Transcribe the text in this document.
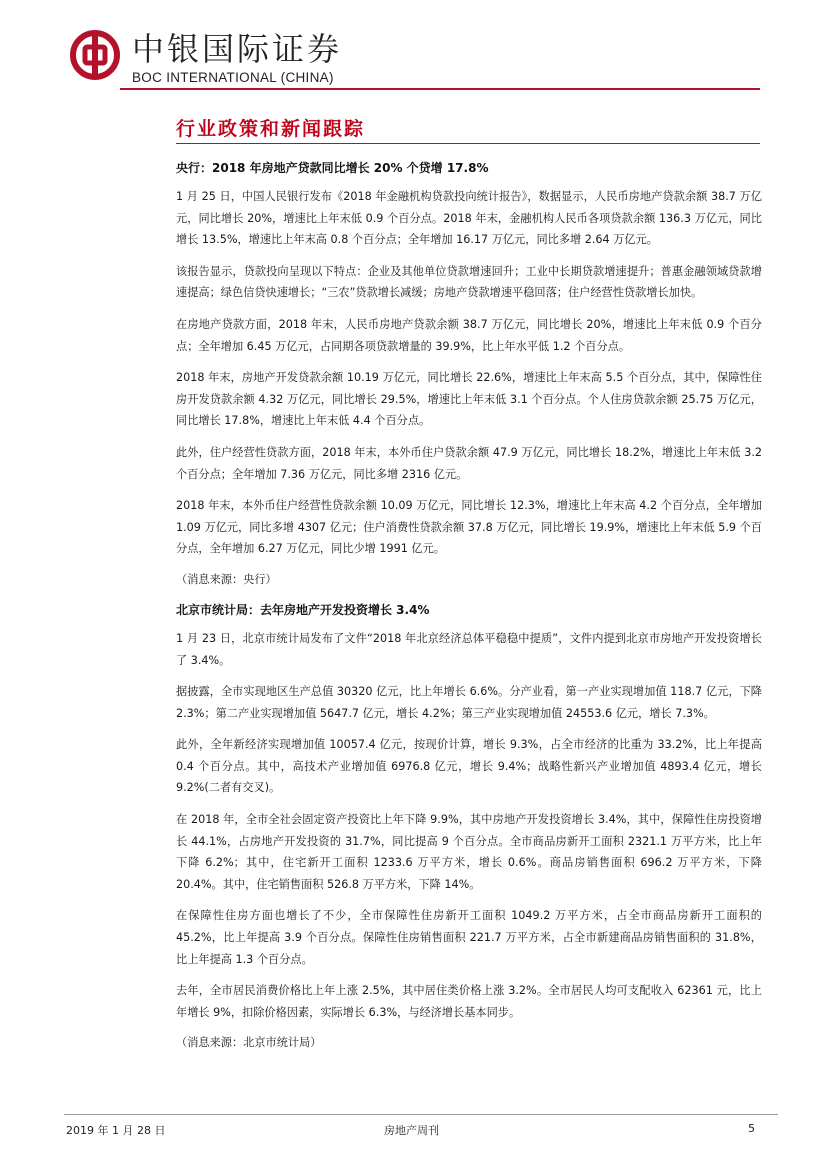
中银国际证券
BOC INTERNATIONAL (CHINA)
行业政策和新闻跟踪
央行：2018 年房地产贷款同比增长 20% 个贷增 17.8%

1 月 25 日，中国人民银行发布《2018 年金融机构贷款投向统计报告》，数据显示，人民币房地产贷款余额 38.7 万亿元，同比增长 20%，增速比上年末低 0.9 个百分点。2018 年末，金融机构人民币各项贷款余额 136.3 万亿元，同比增长 13.5%，增速比上年末高 0.8 个百分点；全年增加 16.17 万亿元，同比多增 2.64 万亿元。

该报告显示，贷款投向呈现以下特点：企业及其他单位贷款增速回升；工业中长期贷款增速提升；普惠金融领域贷款增速提高；绿色信贷快速增长；“三农”贷款增长减缓；房地产贷款增速平稳回落；住户经营性贷款增长加快。

在房地产贷款方面，2018 年末，人民币房地产贷款余额 38.7 万亿元，同比增长 20%，增速比上年末低 0.9 个百分点；全年增加 6.45 万亿元，占同期各项贷款增量的 39.9%，比上年水平低 1.2 个百分点。

2018 年末，房地产开发贷款余额 10.19 万亿元，同比增长 22.6%，增速比上年末高 5.5 个百分点，其中，保障性住房开发贷款余额 4.32 万亿元，同比增长 29.5%，增速比上年末低 3.1 个百分点。个人住房贷款余额 25.75 万亿元，同比增长 17.8%，增速比上年末低 4.4 个百分点。

此外，住户经营性贷款方面，2018 年末，本外币住户贷款余额 47.9 万亿元，同比增长 18.2%，增速比上年末低 3.2 个百分点；全年增加 7.36 万亿元，同比多增 2316 亿元。

2018 年末，本外币住户经营性贷款余额 10.09 万亿元，同比增长 12.3%，增速比上年末高 4.2 个百分点，全年增加 1.09 万亿元，同比多增 4307 亿元；住户消费性贷款余额 37.8 万亿元，同比增长 19.9%，增速比上年末低 5.9 个百分点，全年增加 6.27 万亿元，同比少增 1991 亿元。

（消息来源：央行）
北京市统计局：去年房地产开发投资增长 3.4%

1 月 23 日，北京市统计局发布了文件“2018 年北京经济总体平稳稳中提质”，文件内提到北京市房地产开发投资增长了 3.4%。

据披露，全市实现地区生产总值 30320 亿元，比上年增长 6.6%。分产业看，第一产业实现增加值 118.7 亿元，下降 2.3%；第二产业实现增加值 5647.7 亿元，增长 4.2%；第三产业实现增加值 24553.6 亿元，增长 7.3%。

此外，全年新经济实现增加值 10057.4 亿元，按现价计算，增长 9.3%，占全市经济的比重为 33.2%，比上年提高 0.4 个百分点。其中，高技术产业增加值 6976.8 亿元，增长 9.4%；战略性新兴产业增加值 4893.4 亿元，增长 9.2%(二者有交叉)。

在 2018 年，全市全社会固定资产投资比上年下降 9.9%，其中房地产开发投资增长 3.4%，其中，保障性住房投资增长 44.1%，占房地产开发投资的 31.7%，同比提高 9 个百分点。全市商品房新开工面积 2321.1 万平方米，比上年下降 6.2%；其中，住宅新开工面积 1233.6 万平方米，增长 0.6%。商品房销售面积 696.2 万平方米，下降 20.4%。其中，住宅销售面积 526.8 万平方米，下降 14%。

在保障性住房方面也增长了不少，全市保障性住房新开工面积 1049.2 万平方米，占全市商品房新开工面积的 45.2%，比上年提高 3.9 个百分点。保障性住房销售面积 221.7 万平方米，占全市新建商品房销售面积的 31.8%，比上年提高 1.3 个百分点。

去年，全市居民消费价格比上年上涨 2.5%，其中居住类价格上涨 3.2%。全市居民人均可支配收入 62361 元，比上年增长 9%，扣除价格因素，实际增长 6.3%，与经济增长基本同步。

（消息来源：北京市统计局）
2019 年 1 月 28 日	房地产周刊	5
